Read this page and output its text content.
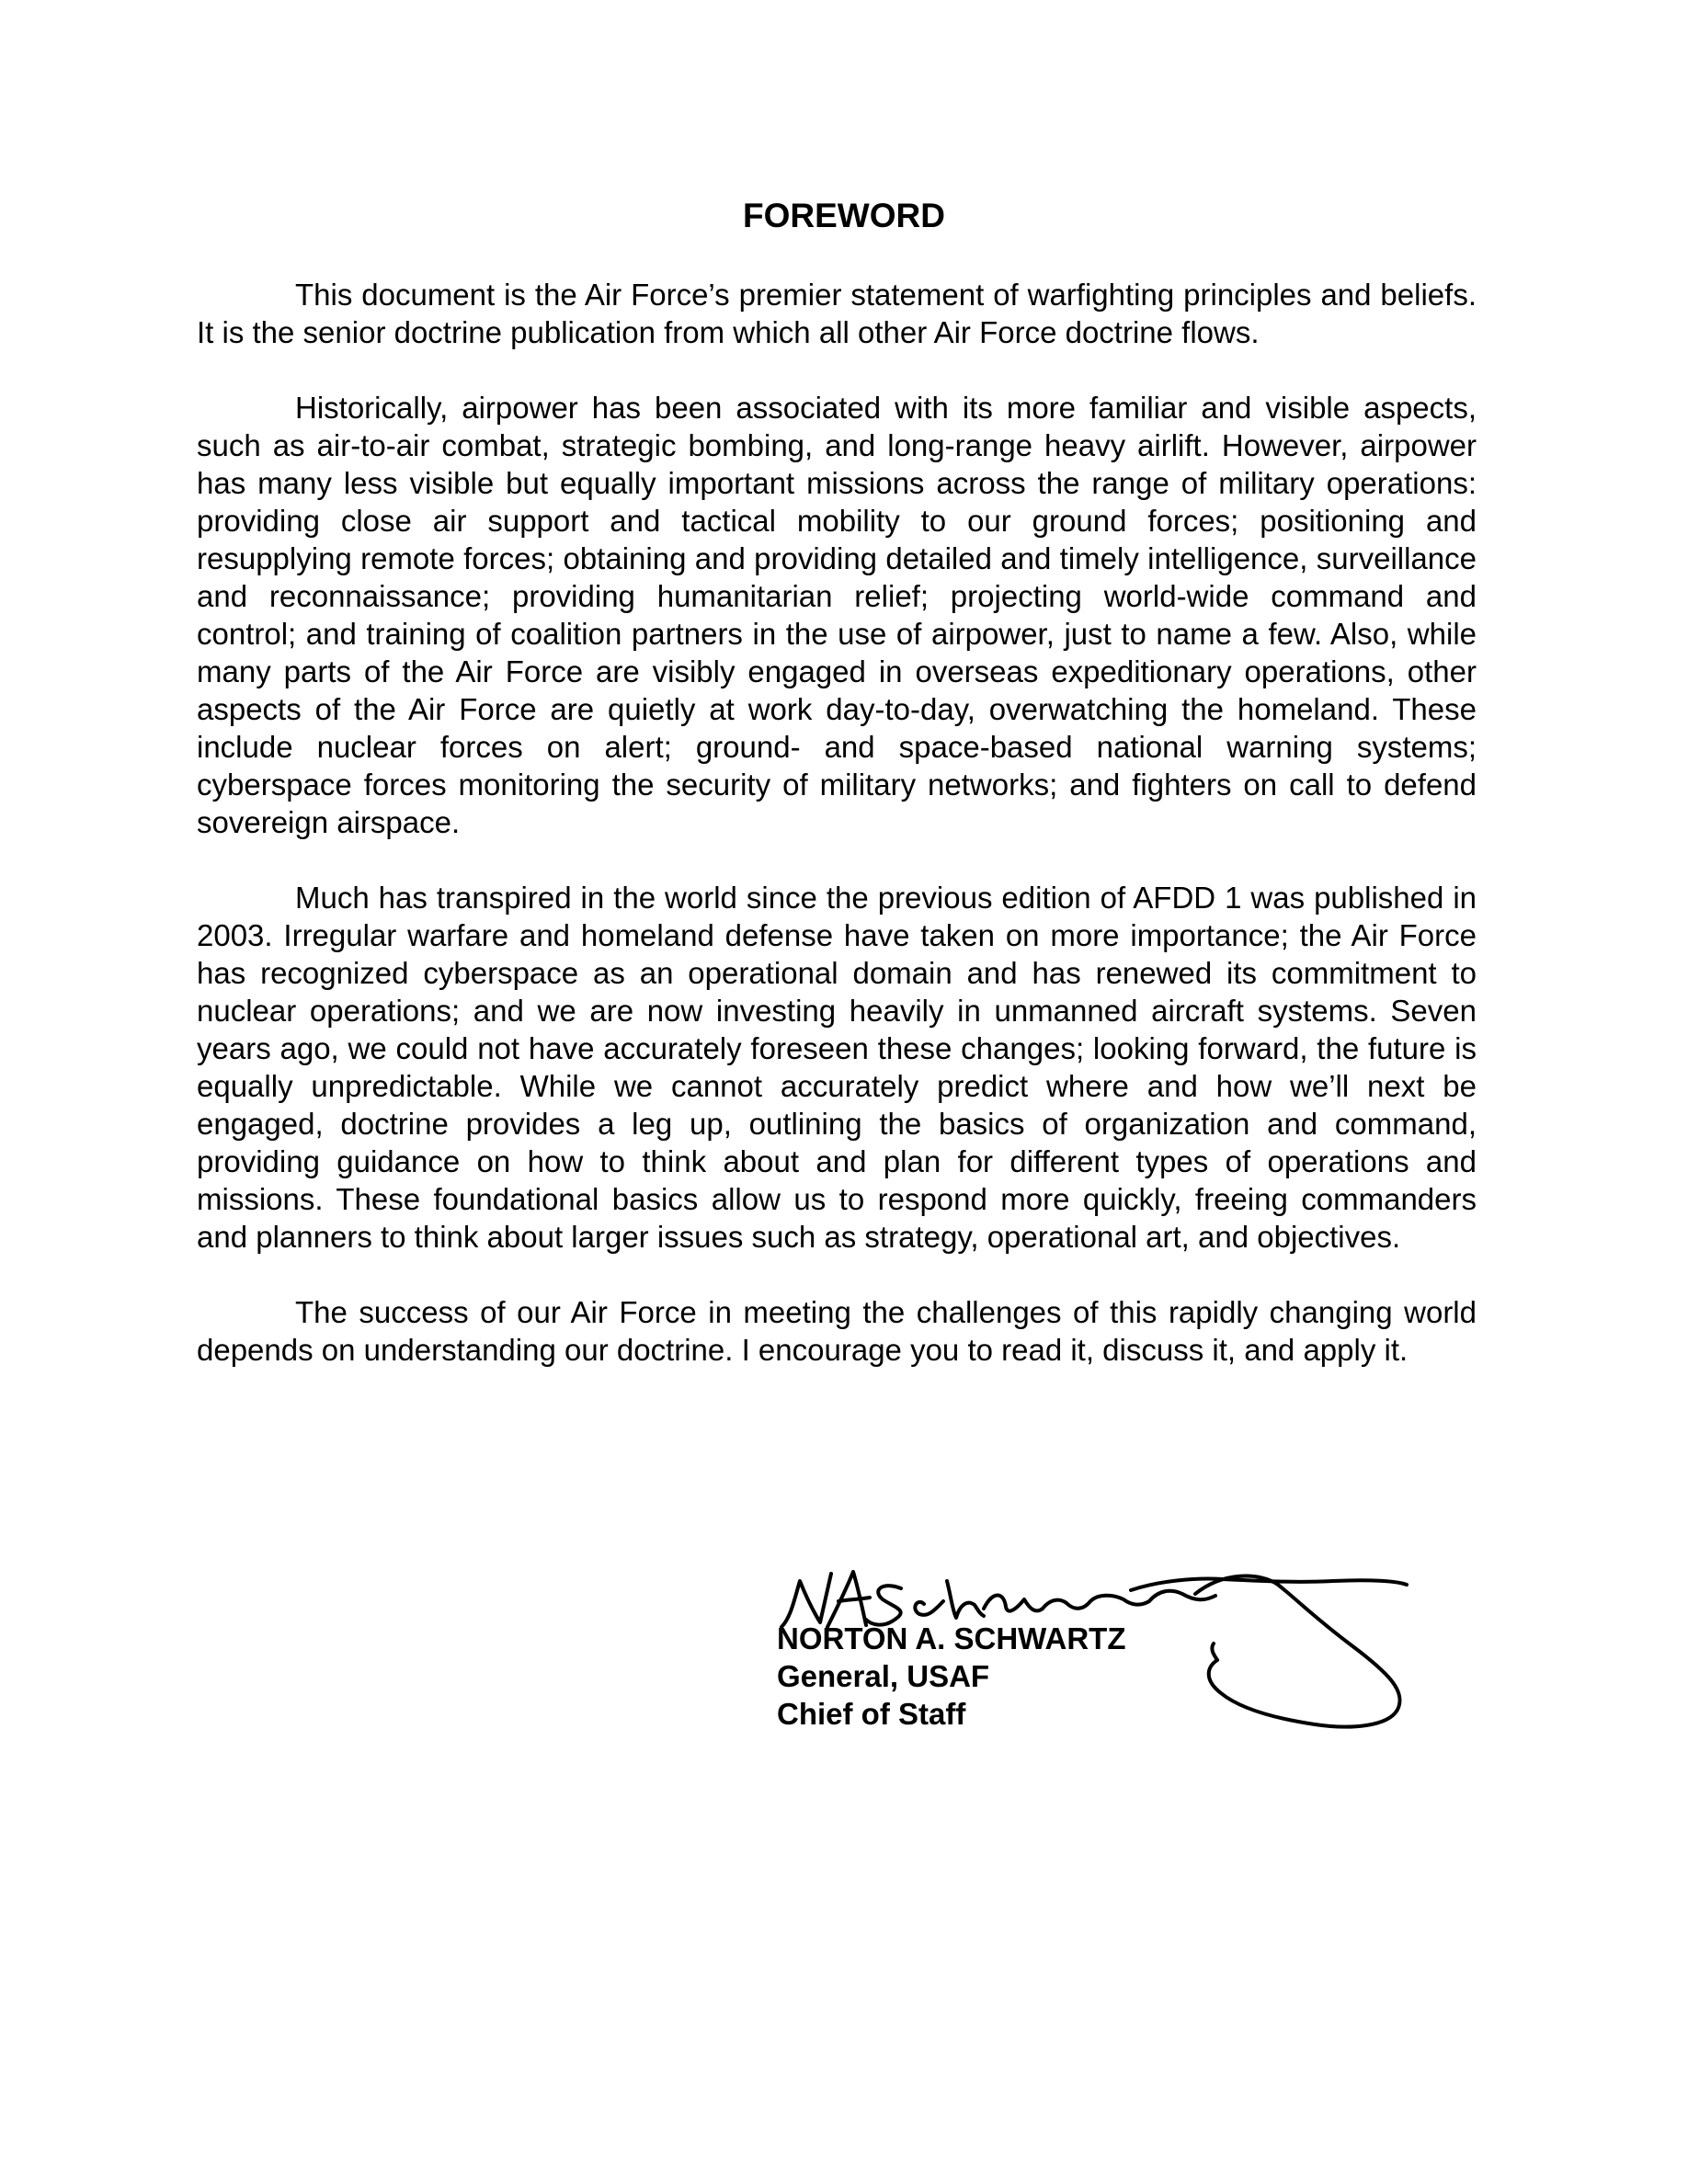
FOREWORD

This document is the Air Force’s premier statement of warfighting principles and beliefs. It is the senior doctrine publication from which all other Air Force doctrine flows.

Historically, airpower has been associated with its more familiar and visible aspects, such as air-to-air combat, strategic bombing, and long-range heavy airlift. However, airpower has many less visible but equally important missions across the range of military operations: providing close air support and tactical mobility to our ground forces; positioning and resupplying remote forces; obtaining and providing detailed and timely intelligence, surveillance and reconnaissance; providing humanitarian relief; projecting world-wide command and control; and training of coalition partners in the use of airpower, just to name a few. Also, while many parts of the Air Force are visibly engaged in overseas expeditionary operations, other aspects of the Air Force are quietly at work day-to-day, overwatching the homeland. These include nuclear forces on alert; ground- and space-based national warning systems; cyberspace forces monitoring the security of military networks; and fighters on call to defend sovereign airspace.

Much has transpired in the world since the previous edition of AFDD 1 was published in 2003. Irregular warfare and homeland defense have taken on more importance; the Air Force has recognized cyberspace as an operational domain and has renewed its commitment to nuclear operations; and we are now investing heavily in unmanned aircraft systems. Seven years ago, we could not have accurately foreseen these changes; looking forward, the future is equally unpredictable. While we cannot accurately predict where and how we’ll next be engaged, doctrine provides a leg up, outlining the basics of organization and command, providing guidance on how to think about and plan for different types of operations and missions. These foundational basics allow us to respond more quickly, freeing commanders and planners to think about larger issues such as strategy, operational art, and objectives.

The success of our Air Force in meeting the challenges of this rapidly changing world depends on understanding our doctrine. I encourage you to read it, discuss it, and apply it.

NORTON A. SCHWARTZ

General, USAF

Chief of Staff
